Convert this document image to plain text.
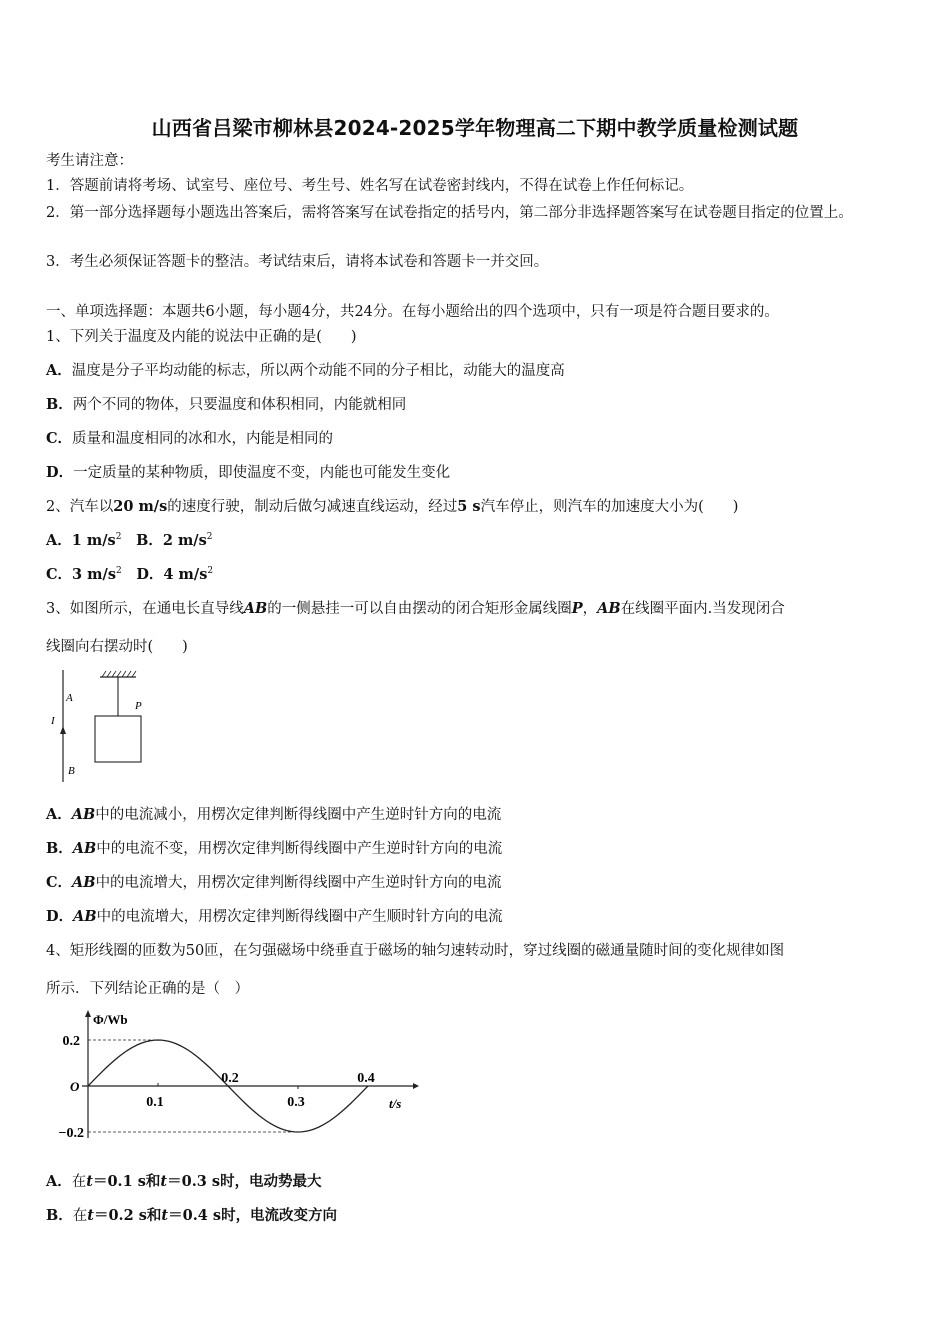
山西省吕梁市柳林县2024-2025学年物理高二下期中教学质量检测试题
考生请注意：
1．答题前请将考场、试室号、座位号、考生号、姓名写在试卷密封线内，不得在试卷上作任何标记。
2．第一部分选择题每小题选出答案后，需将答案写在试卷指定的括号内，第二部分非选择题答案写在试卷题目指定的位置上。
3．考生必须保证答题卡的整洁。考试结束后，请将本试卷和答题卡一并交回。
一、单项选择题：本题共6小题，每小题4分，共24分。在每小题给出的四个选项中，只有一项是符合题目要求的。
1、下列关于温度及内能的说法中正确的是(　　)
A．温度是分子平均动能的标志，所以两个动能不同的分子相比，动能大的温度高
B．两个不同的物体，只要温度和体积相同，内能就相同
C．质量和温度相同的冰和水，内能是相同的
D．一定质量的某种物质，即使温度不变，内能也可能发生变化
2、汽车以20 m/s的速度行驶，制动后做匀减速直线运动，经过5 s汽车停止，则汽车的加速度大小为(　　)
A．1 $m/s^2$ B．2 $m/s^2$
C．3 $m/s^2$ D．4 $m/s^2$
3、如图所示，在通电长直导线AB的一侧悬挂一可以自由摆动的闭合矩形金属线圈P，AB在线圈平面内.当发现闭合
线圈向右摆动时(　　)
A
I
B
P
A．AB中的电流减小，用楞次定律判断得线圈中产生逆时针方向的电流
B．AB中的电流不变，用楞次定律判断得线圈中产生逆时针方向的电流
C．AB中的电流增大，用楞次定律判断得线圈中产生逆时针方向的电流
D．AB中的电流增大，用楞次定律判断得线圈中产生顺时针方向的电流
4、矩形线圈的匝数为50匝，在匀强磁场中绕垂直于磁场的轴匀速转动时，穿过线圈的磁通量随时间的变化规律如图
所示．下列结论正确的是（　）
Φ/Wb
t/s
O
0.2
−0.2
0.2	0.4
0.1	0.3
A．在t＝0.1 s和t＝0.3 s时，电动势最大
B．在t＝0.2 s和t＝0.4 s时，电流改变方向
